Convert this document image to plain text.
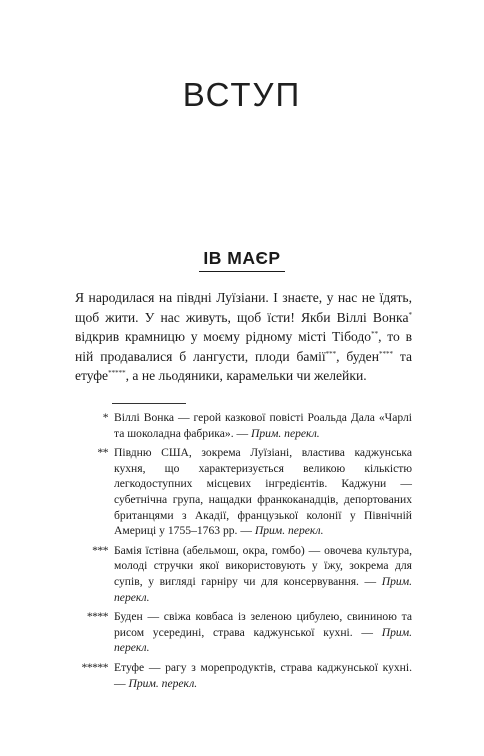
ВСТУП
ІВ МАЄР

Я народилася на півдні Луїзіани. І знаєте, у нас не їдять, щоб жити. У нас живуть, щоб їсти! Якби Віллі Вонка* відкрив крамницю у моєму рідному місті Тібодо**, то в ній продавалися б лангусти, плоди бамії***, буден**** та етуфе*****, а не льодяники, карамельки чи желейки.

* Віллі Вонка — герой казкової повісті Роальда Дала «Чарлі та шоколадна фабрика». — Прим. перекл.
** Півдню США, зокрема Луїзіані, властива каджунська кухня, що характеризується великою кількістю легкодоступних місцевих інгредієнтів. Каджуни — субетнічна група, нащадки франкоканадців, депортованих британцями з Акадії, французької колонії у Північній Америці у 1755–1763 рр. — Прим. перекл.
*** Бамія їстівна (абельмош, окра, гомбо) — овочева культура, молоді стручки якої використовують у їжу, зокрема для супів, у вигляді гарніру чи для консервування. — Прим. перекл.
**** Буден — свіжа ковбаса із зеленою цибулею, свининою та рисом усередині, страва каджунської кухні. — Прим. перекл.
***** Етуфе — рагу з морепродуктів, страва каджунської кухні. — Прим. перекл.
